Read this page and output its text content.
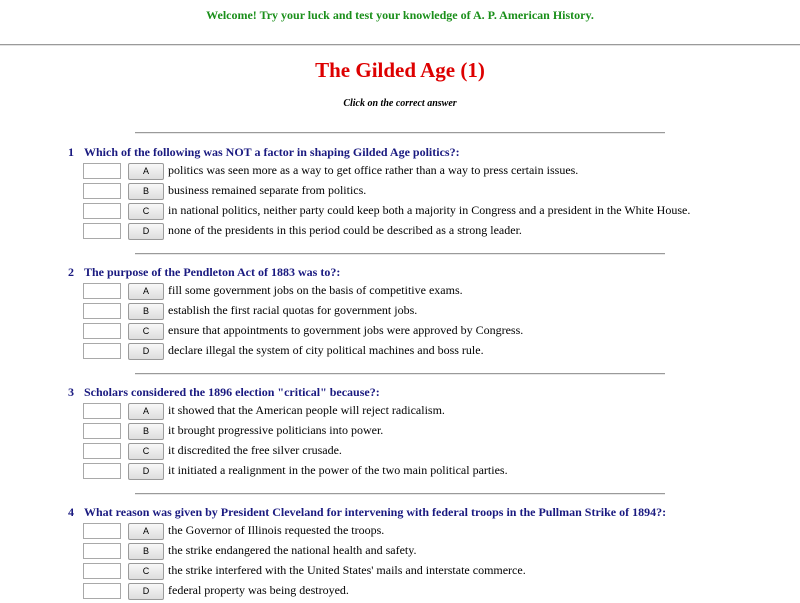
Welcome! Try your luck and test your knowledge of A. P. American History.
The Gilded Age (1)
Click on the correct answer
1 Which of the following was NOT a factor in shaping Gilded Age politics?:
A	politics was seen more as a way to get office rather than a way to press certain issues.
B	business remained separate from politics.
C	in national politics, neither party could keep both a majority in Congress and a president in the White House.
D	none of the presidents in this period could be described as a strong leader.
2 The purpose of the Pendleton Act of 1883 was to?:
A	fill some government jobs on the basis of competitive exams.
B	establish the first racial quotas for government jobs.
C	ensure that appointments to government jobs were approved by Congress.
D	declare illegal the system of city political machines and boss rule.
3 Scholars considered the 1896 election "critical" because?:
A	it showed that the American people will reject radicalism.
B	it brought progressive politicians into power.
C	it discredited the free silver crusade.
D	it initiated a realignment in the power of the two main political parties.
4 What reason was given by President Cleveland for intervening with federal troops in the Pullman Strike of 1894?:
A	the Governor of Illinois requested the troops.
B	the strike endangered the national health and safety.
C	the strike interfered with the United States' mails and interstate commerce.
D	federal property was being destroyed.
